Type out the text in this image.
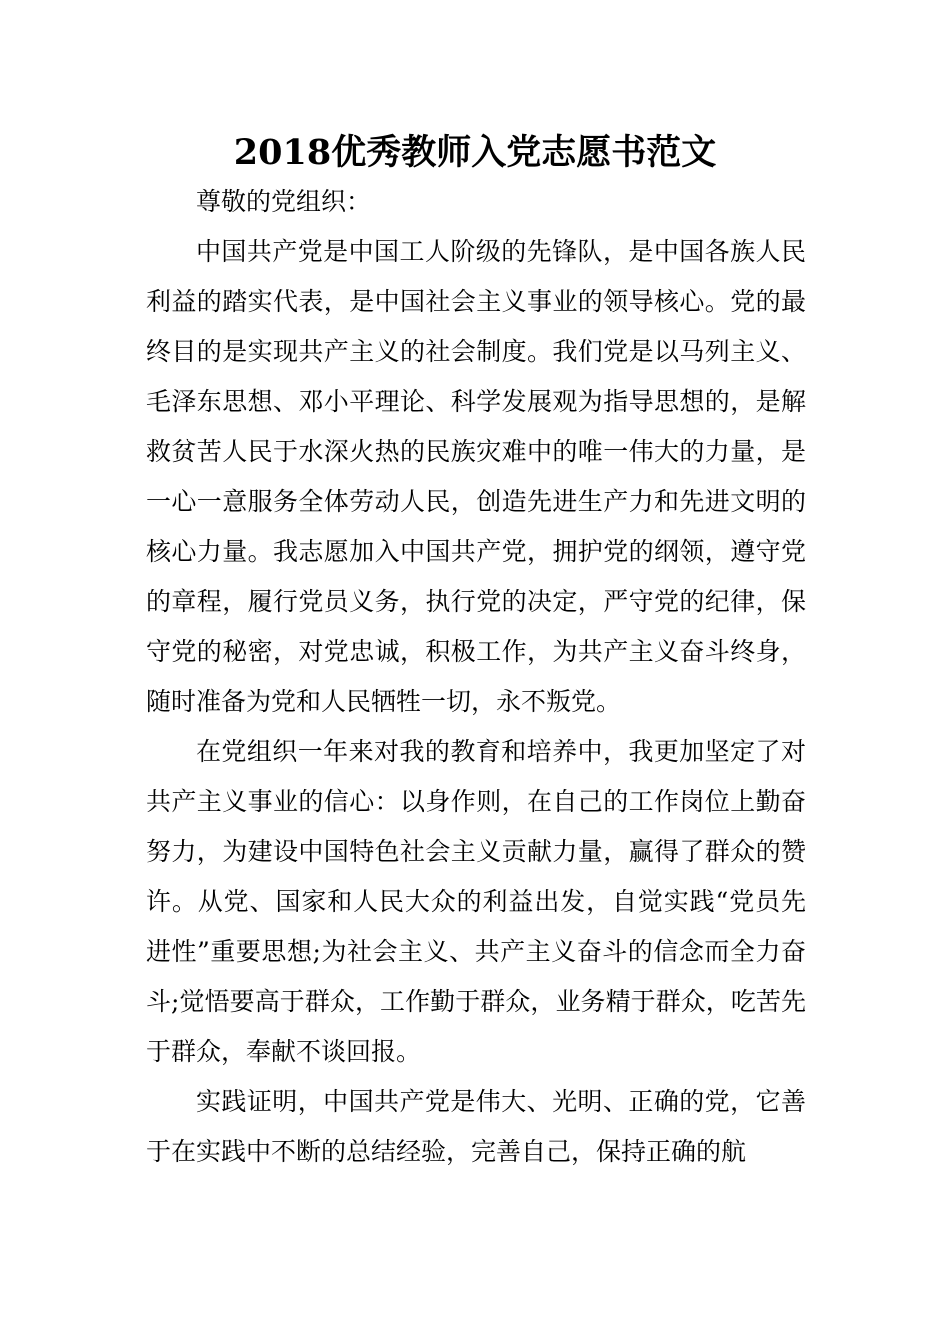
2018优秀教师入党志愿书范文

尊敬的党组织：

中国共产党是中国工人阶级的先锋队，是中国各族人民利益的踏实代表，是中国社会主义事业的领导核心。党的最终目的是实现共产主义的社会制度。我们党是以马列主义、毛泽东思想、邓小平理论、科学发展观为指导思想的，是解救贫苦人民于水深火热的民族灾难中的唯一伟大的力量，是一心一意服务全体劳动人民，创造先进生产力和先进文明的核心力量。我志愿加入中国共产党，拥护党的纲领，遵守党的章程，履行党员义务，执行党的决定，严守党的纪律，保守党的秘密，对党忠诚，积极工作，为共产主义奋斗终身，随时准备为党和人民牺牲一切，永不叛党。

在党组织一年来对我的教育和培养中，我更加坚定了对共产主义事业的信心：以身作则，在自己的工作岗位上勤奋努力，为建设中国特色社会主义贡献力量，赢得了群众的赞许。从党、国家和人民大众的利益出发，自觉实践“党员先进性”重要思想;为社会主义、共产主义奋斗的信念而全力奋斗;觉悟要高于群众，工作勤于群众，业务精于群众，吃苦先于群众，奉献不谈回报。

实践证明，中国共产党是伟大、光明、正确的党，它善于在实践中不断的总结经验，完善自己，保持正确的航
